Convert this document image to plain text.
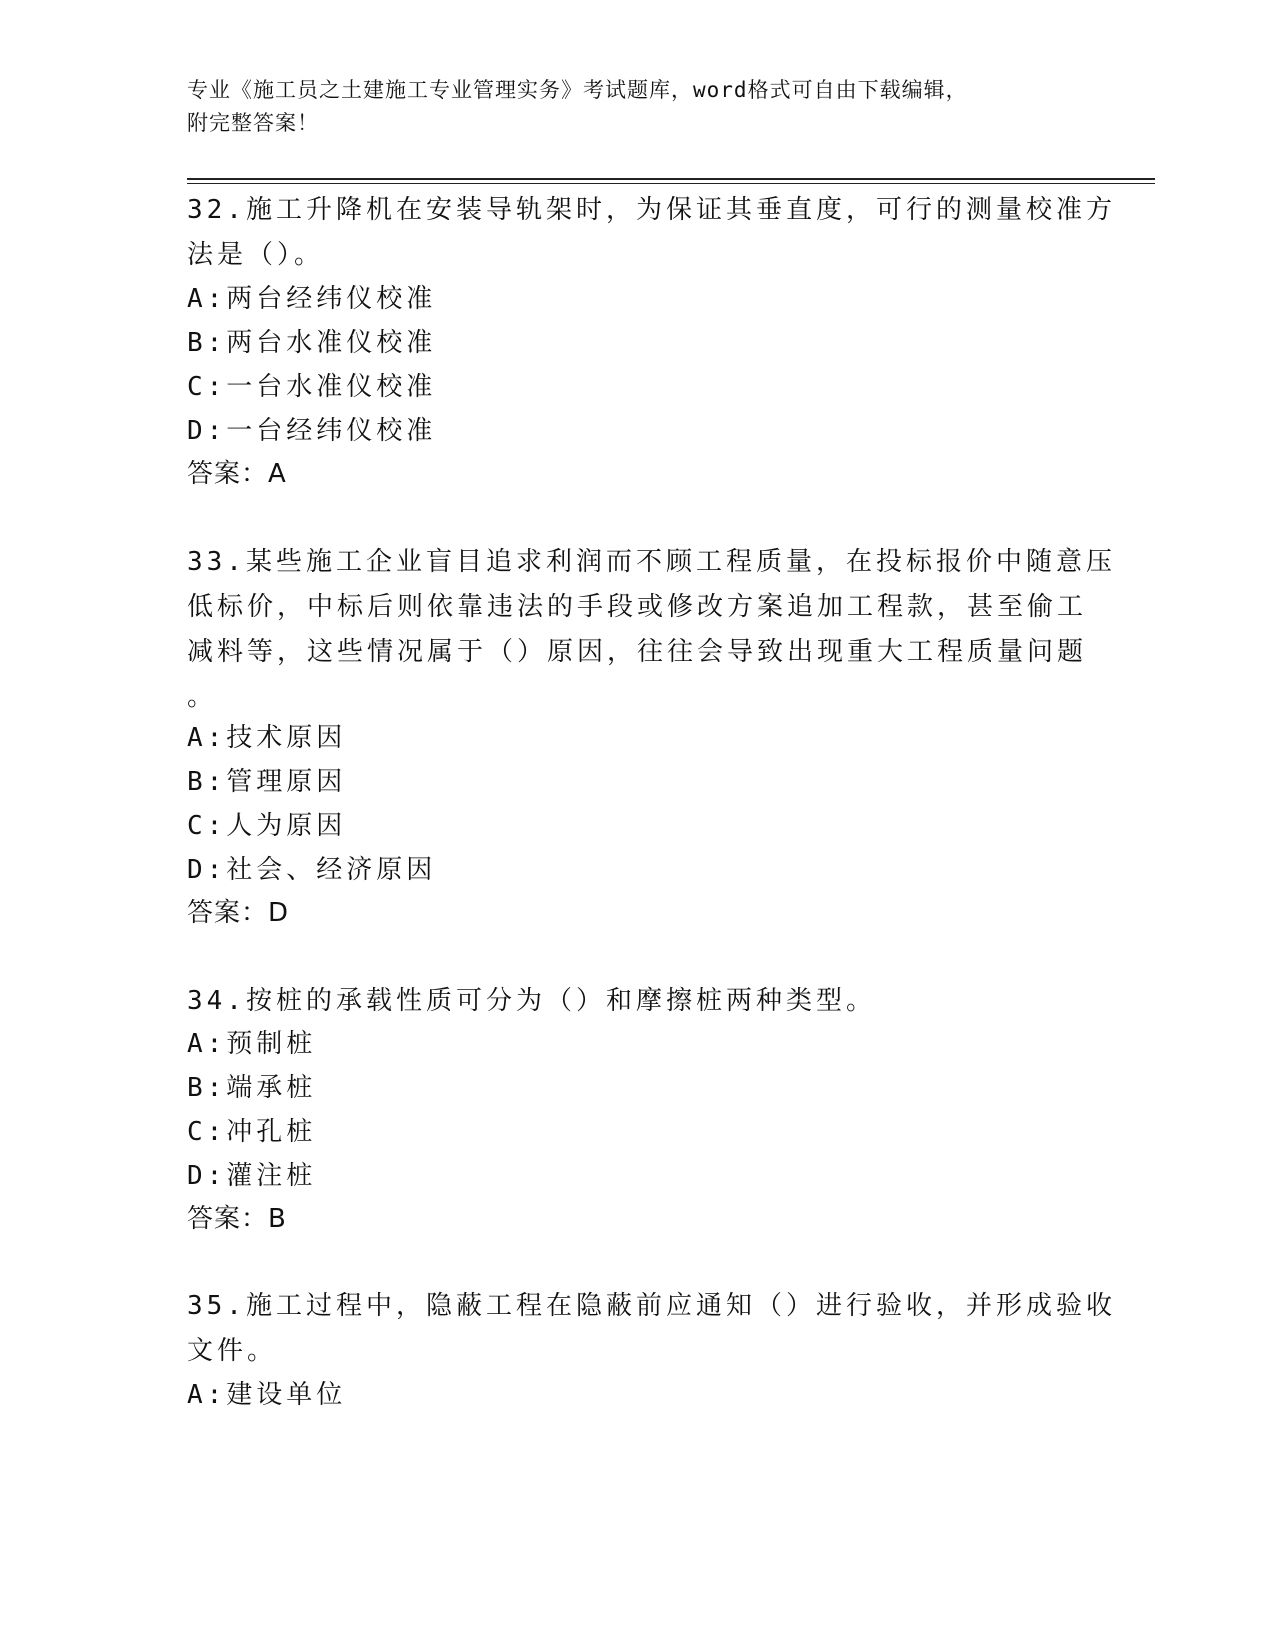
专业《施工员之土建施工专业管理实务》考试题库，word格式可自由下载编辑，
附完整答案！
32.施工升降机在安装导轨架时，为保证其垂直度，可行的测量校准方
法是（）。
A:两台经纬仪校准
B:两台水准仪校准
C:一台水准仪校准
D:一台经纬仪校准
答案：A
33.某些施工企业盲目追求利润而不顾工程质量，在投标报价中随意压
低标价，中标后则依靠违法的手段或修改方案追加工程款，甚至偷工
减料等，这些情况属于（）原因，往往会导致出现重大工程质量问题
。
A:技术原因
B:管理原因
C:人为原因
D:社会、经济原因
答案：D
34.按桩的承载性质可分为（）和摩擦桩两种类型。
A:预制桩
B:端承桩
C:冲孔桩
D:灌注桩
答案：B
35.施工过程中，隐蔽工程在隐蔽前应通知（）进行验收，并形成验收
文件。
A:建设单位
